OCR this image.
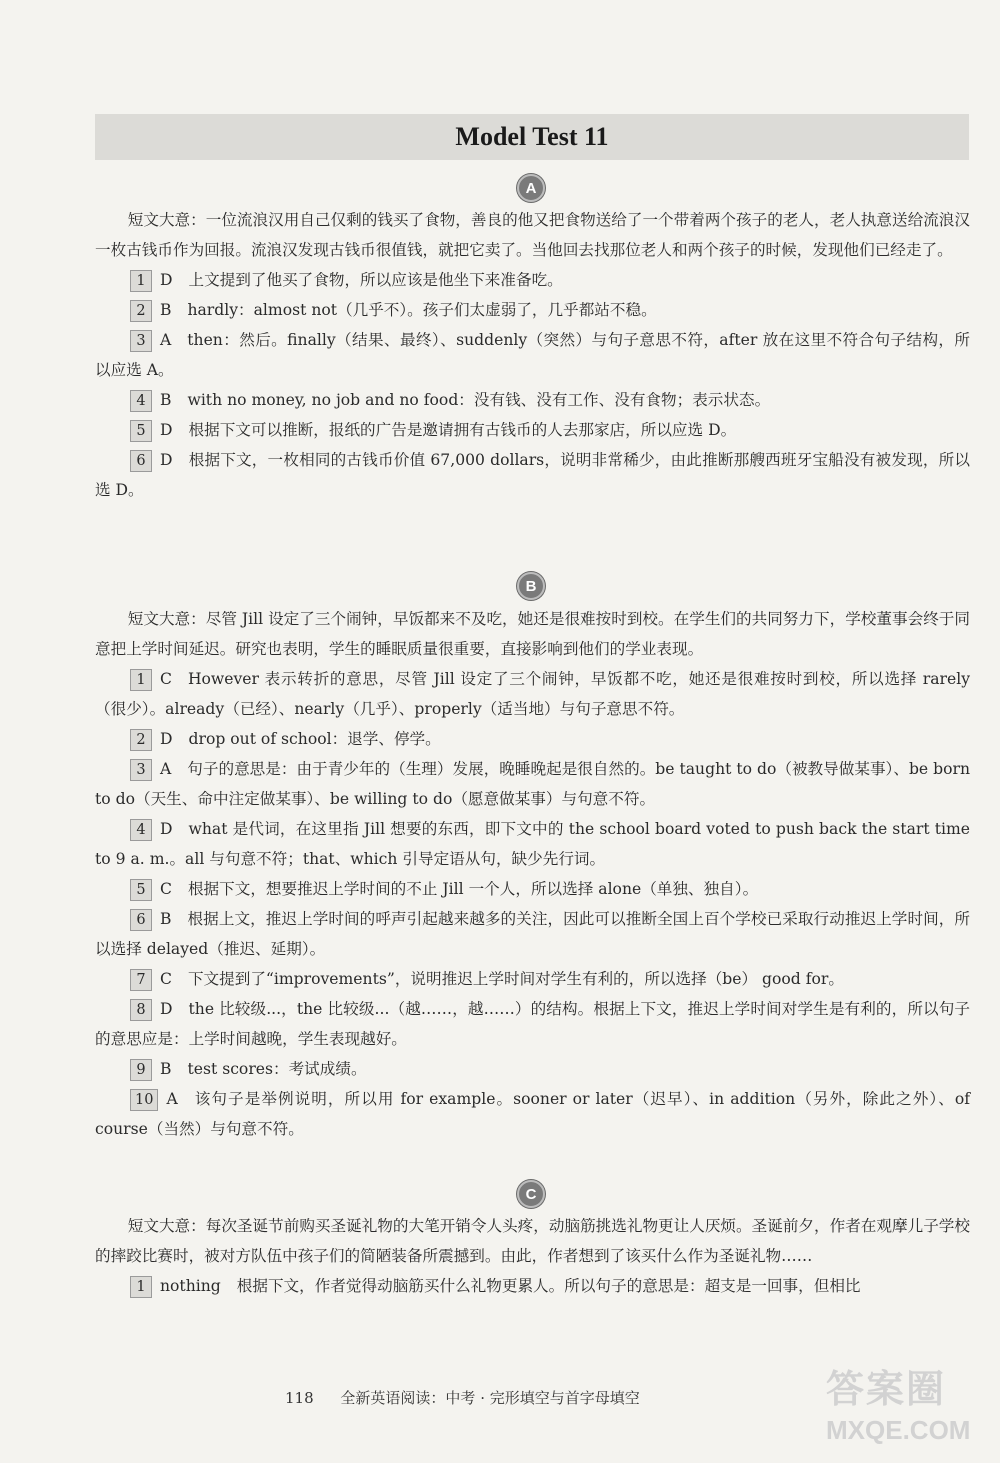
Model Test 11
A

短文大意：一位流浪汉用自己仅剩的钱买了食物，善良的他又把食物送给了一个带着两个孩子的老人，老人执意送给流浪汉一枚古钱币作为回报。流浪汉发现古钱币很值钱，就把它卖了。当他回去找那位老人和两个孩子的时候，发现他们已经走了。

1 D 上文提到了他买了食物，所以应该是他坐下来准备吃。
2 B hardly：almost not（几乎不）。孩子们太虚弱了，几乎都站不稳。
3 A then：然后。finally（结果、最终）、suddenly（突然）与句子意思不符，after 放在这里不符合句子结构，所以应选 A。
4 B with no money, no job and no food：没有钱、没有工作、没有食物；表示状态。
5 D 根据下文可以推断，报纸的广告是邀请拥有古钱币的人去那家店，所以应选 D。
6 D 根据下文，一枚相同的古钱币价值 67,000 dollars，说明非常稀少，由此推断那艘西班牙宝船没有被发现，所以选 D。
B

短文大意：尽管 Jill 设定了三个闹钟，早饭都来不及吃，她还是很难按时到校。在学生们的共同努力下，学校董事会终于同意把上学时间延迟。研究也表明，学生的睡眠质量很重要，直接影响到他们的学业表现。

1 C However 表示转折的意思，尽管 Jill 设定了三个闹钟，早饭都不吃，她还是很难按时到校，所以选择 rarely（很少）。already（已经）、nearly（几乎）、properly（适当地）与句子意思不符。
2 D drop out of school：退学、停学。
3 A 句子的意思是：由于青少年的（生理）发展，晚睡晚起是很自然的。be taught to do（被教导做某事）、be born to do（天生、命中注定做某事）、be willing to do（愿意做某事）与句意不符。
4 D what 是代词，在这里指 Jill 想要的东西，即下文中的 the school board voted to push back the start time to 9 a. m.。all 与句意不符；that、which 引导定语从句，缺少先行词。
5 C 根据下文，想要推迟上学时间的不止 Jill 一个人，所以选择 alone（单独、独自）。
6 B 根据上文，推迟上学时间的呼声引起越来越多的关注，因此可以推断全国上百个学校已采取行动推迟上学时间，所以选择 delayed（推迟、延期）。
7 C 下文提到了“improvements”，说明推迟上学时间对学生有利的，所以选择（be） good for。
8 D the 比较级...，the 比较级...（越……，越……）的结构。根据上下文，推迟上学时间对学生是有利的，所以句子的意思应是：上学时间越晚，学生表现越好。
9 B test scores：考试成绩。
10 A 该句子是举例说明，所以用 for example。sooner or later（迟早）、in addition（另外，除此之外）、of course（当然）与句意不符。
C

短文大意：每次圣诞节前购买圣诞礼物的大笔开销令人头疼，动脑筋挑选礼物更让人厌烦。圣诞前夕，作者在观摩儿子学校的摔跤比赛时，被对方队伍中孩子们的简陋装备所震撼到。由此，作者想到了该买什么作为圣诞礼物……

1 nothing 根据下文，作者觉得动脑筋买什么礼物更累人。所以句子的意思是：超支是一回事，但相比
118 全新英语阅读：中考 · 完形填空与首字母填空	答案圈
MXQE.COM
